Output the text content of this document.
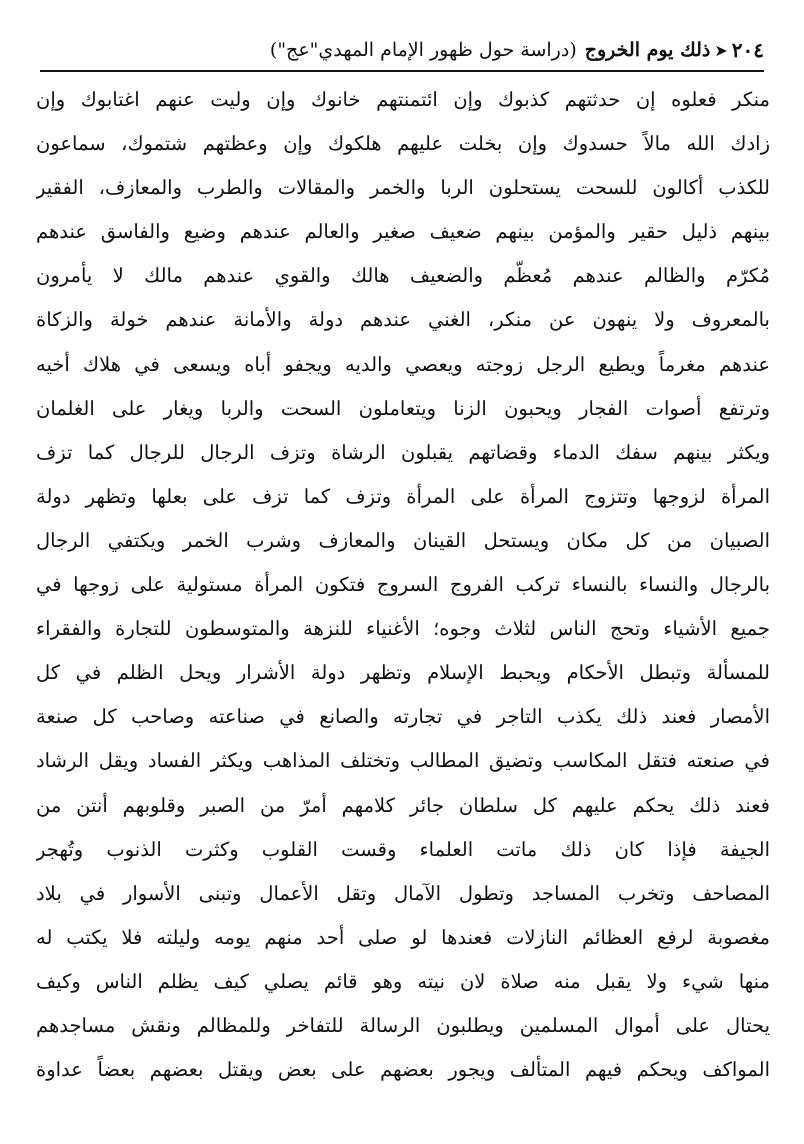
٢٠٤
➤
ذلك يوم الخروج
(دراسة حول ظهور الإمام المهدي"عج")
منكر فعلوه إن حدثتهم كذبوك وإن ائتمنتهم خانوك وإن وليت عنهم اغتابوك وإن
زادك الله مالاً حسدوك وإن بخلت عليهم هلكوك وإن وعظتهم شتموك، سماعون
للكذب أكالون للسحت يستحلون الربا والخمر والمقالات والطرب والمعازف، الفقير
بينهم ذليل حقير والمؤمن بينهم ضعيف صغير والعالم عندهم وضيع والفاسق عندهم
مُكرّم والظالم عندهم مُعظّم والضعيف هالك والقوي عندهم مالك لا يأمرون
بالمعروف ولا ينهون عن منكر، الغني عندهم دولة والأمانة عندهم خولة والزكاة
عندهم مغرماً ويطيع الرجل زوجته ويعصي والديه ويجفو أباه ويسعى في هلاك أخيه
وترتفع أصوات الفجار ويحبون الزنا ويتعاملون السحت والربا ويغار على الغلمان
ويكثر بينهم سفك الدماء وقضاتهم يقبلون الرشاة وتزف الرجال للرجال كما تزف
المرأة لزوجها وتتزوج المرأة على المرأة وتزف كما تزف على بعلها وتظهر دولة
الصبيان من كل مكان ويستحل القينان والمعازف وشرب الخمر ويكتفي الرجال
بالرجال والنساء بالنساء تركب الفروج السروج فتكون المرأة مستولية على زوجها في
جميع الأشياء وتحج الناس لثلاث وجوه؛ الأغنياء للنزهة والمتوسطون للتجارة والفقراء
للمسألة وتبطل الأحكام ويحبط الإسلام وتظهر دولة الأشرار ويحل الظلم في كل
الأمصار فعند ذلك يكذب التاجر في تجارته والصانع في صناعته وصاحب كل صنعة
في صنعته فتقل المكاسب وتضيق المطالب وتختلف المذاهب ويكثر الفساد ويقل الرشاد
فعند ذلك يحكم عليهم كل سلطان جائر كلامهم أمرّ من الصبر وقلوبهم أنتن من
الجيفة فإذا كان ذلك ماتت العلماء وقست القلوب وكثرت الذنوب وتُهجر
المصاحف وتخرب المساجد وتطول الآمال وتقل الأعمال وتبنى الأسوار في بلاد
مغصوبة لرفع العظائم النازلات فعندها لو صلى أحد منهم يومه وليلته فلا يكتب له
منها شيء ولا يقبل منه صلاة لان نيته وهو قائم يصلي كيف يظلم الناس وكيف
يحتال على أموال المسلمين ويطلبون الرسالة للتفاخر وللمظالم ونقش مساجدهم
المواكف ويحكم فيهم المتألف ويجور بعضهم على بعض ويقتل بعضهم بعضاً عداوة
